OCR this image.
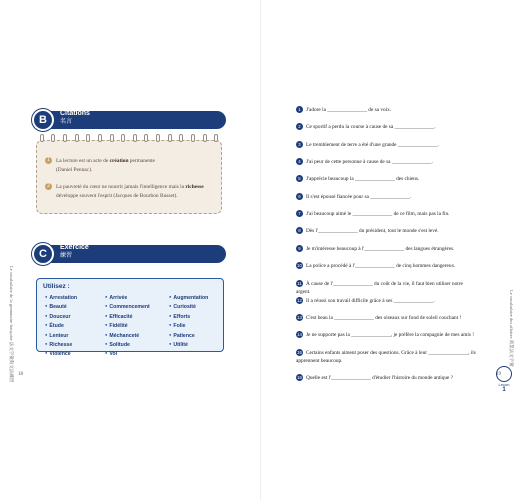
B
Citations
名言
1 La lecture est un acte de création permanente
(Daniel Pennac).
2 La pauvreté du cœur ne nourrit jamais l'intelligence mais la richesse
développe souvent l'esprit (Jacques de Bourbon Busset).
C
Exercice
練習
Utilisez :
● Arrestation
● Beauté
● Douceur
● Étude
● Lenteur
● Richesse
● Violence
● Arrivée
● Commencement
● Efficacité
● Fidélité
● Méchanceté
● Solitude
● Vol
● Augmentation
● Curiosité
● Efforts
● Folie
● Patience
● Utilité
Le vocabulaire de la grammaire française 法文字彙與文法練習	Le vocabulaire des affaires 商業法文字彙
Leçon
1
18	19
1 J'adore la _______________ de sa voix.
2 Ce sportif a perdu la course à cause de sa _______________.
3 Le tremblement de terre a été d'une grande _______________.
4 J'ai peur de cette personne à cause de sa _______________.
5 J'apprécie beaucoup la _______________ des chiens.
6 Il s'est épousé fiancée pour sa _______________.
7 J'ai beaucoup aimé le _______________ de ce film, mais pas la fin.
8 Dès l'_______________ du président, tout le monde s'est levé.
9 Je m'intéresse beaucoup à l'_______________ des langues étrangères.
10 La police a procédé à l'_______________ de cinq hommes dangereux.
11 À cause de l'_______________ du coût de la vie, il faut bien utiliser notre argent.
12 Il a réussi son travail difficile grâce à ses _______________.
13 C'est beau la _______________ des oiseaux sur fond de soleil couchant !
14 Je ne supporte pas la _______________, je préfère la compagnie de mes amis !
15 Certains enfants aiment poser des questions. Grâce à leur _______________, ils apprennent beaucoup.
16 Quelle est l'_______________ d'étudier l'histoire du monde antique ?
